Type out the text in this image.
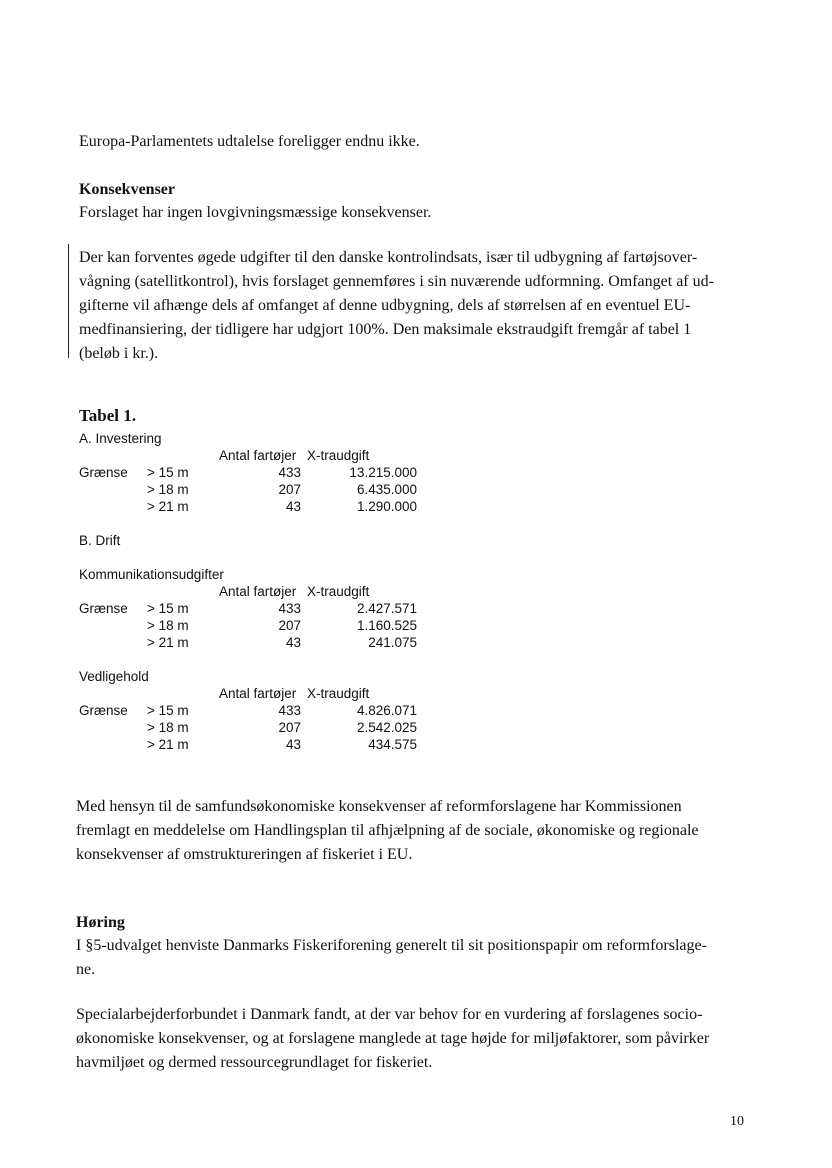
Europa-Parlamentets udtalelse foreligger endnu ikke.
Konsekvenser
Forslaget har ingen lovgivningsmæssige konsekvenser.
Der kan forventes øgede udgifter til den danske kontrolindsats, især til udbygning af fartøjsover-
vågning (satellitkontrol), hvis forslaget gennemføres i sin nuværende udformning. Omfanget af ud-
gifterne vil afhænge dels af omfanget af denne udbygning, dels af størrelsen af en eventuel EU-
medfinansiering, der tidligere har udgjort 100%. Den maksimale ekstraudgift fremgår af tabel 1
(beløb i kr.).
Tabel 1.
A. Investering
Antal fartøjer X-traudgift
Grænse > 15 m	433	13.215.000
> 18 m	207	6.435.000
> 21 m	43	1.290.000
B. Drift
Kommunikationsudgifter
Antal fartøjer X-traudgift
Grænse > 15 m	433	2.427.571
> 18 m	207	1.160.525
> 21 m	43	241.075
Vedligehold
Antal fartøjer X-traudgift
Grænse > 15 m	433	4.826.071
> 18 m	207	2.542.025
> 21 m	43	434.575
Med hensyn til de samfundsøkonomiske konsekvenser af reformforslagene har Kommissionen
fremlagt en meddelelse om Handlingsplan til afhjælpning af de sociale, økonomiske og regionale
konsekvenser af omstruktureringen af fiskeriet i EU.
Høring
I §5-udvalget henviste Danmarks Fiskeriforening generelt til sit positionspapir om reformforslage-
ne.
Specialarbejderforbundet i Danmark fandt, at der var behov for en vurdering af forslagenes socio-
økonomiske konsekvenser, og at forslagene manglede at tage højde for miljøfaktorer, som påvirker
havmiljøet og dermed ressourcegrundlaget for fiskeriet.
10
